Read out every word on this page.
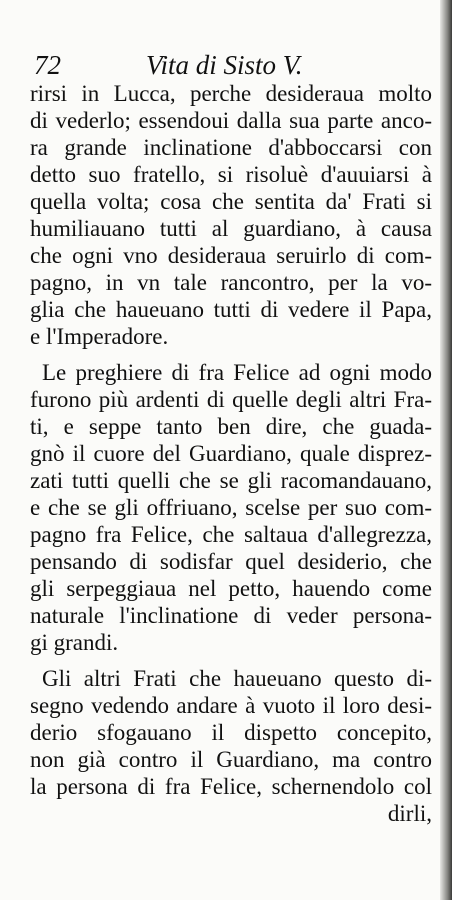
72	Vita di Sisto V.

rirsi in Lucca, perche desideraua molto
di vederlo; essendoui dalla sua parte anco-
ra grande inclinatione d'abboccarsi con
detto suo fratello, si risoluè d'auuiarsi à
quella volta; cosa che sentita da' Frati si
humiliauano tutti al guardiano, à causa
che ogni vno desideraua seruirlo di com-
pagno, in vn tale rancontro, per la vo-
glia che haueuano tutti di vedere il Papa,
e l'Imperadore.

Le preghiere di fra Felice ad ogni modo
furono più ardenti di quelle degli altri Fra-
ti, e seppe tanto ben dire, che guada-
gnò il cuore del Guardiano, quale disprez-
zati tutti quelli che se gli racomandauano,
e che se gli offriuano, scelse per suo com-
pagno fra Felice, che saltaua d'allegrezza,
pensando di sodisfar quel desiderio, che
gli serpeggiaua nel petto, hauendo come
naturale l'inclinatione di veder persona-
gi grandi.

Gli altri Frati che haueuano questo di-
segno vedendo andare à vuoto il loro desi-
derio sfogauano il dispetto concepito,
non già contro il Guardiano, ma contro
la persona di fra Felice, schernendolo col
dirli,
